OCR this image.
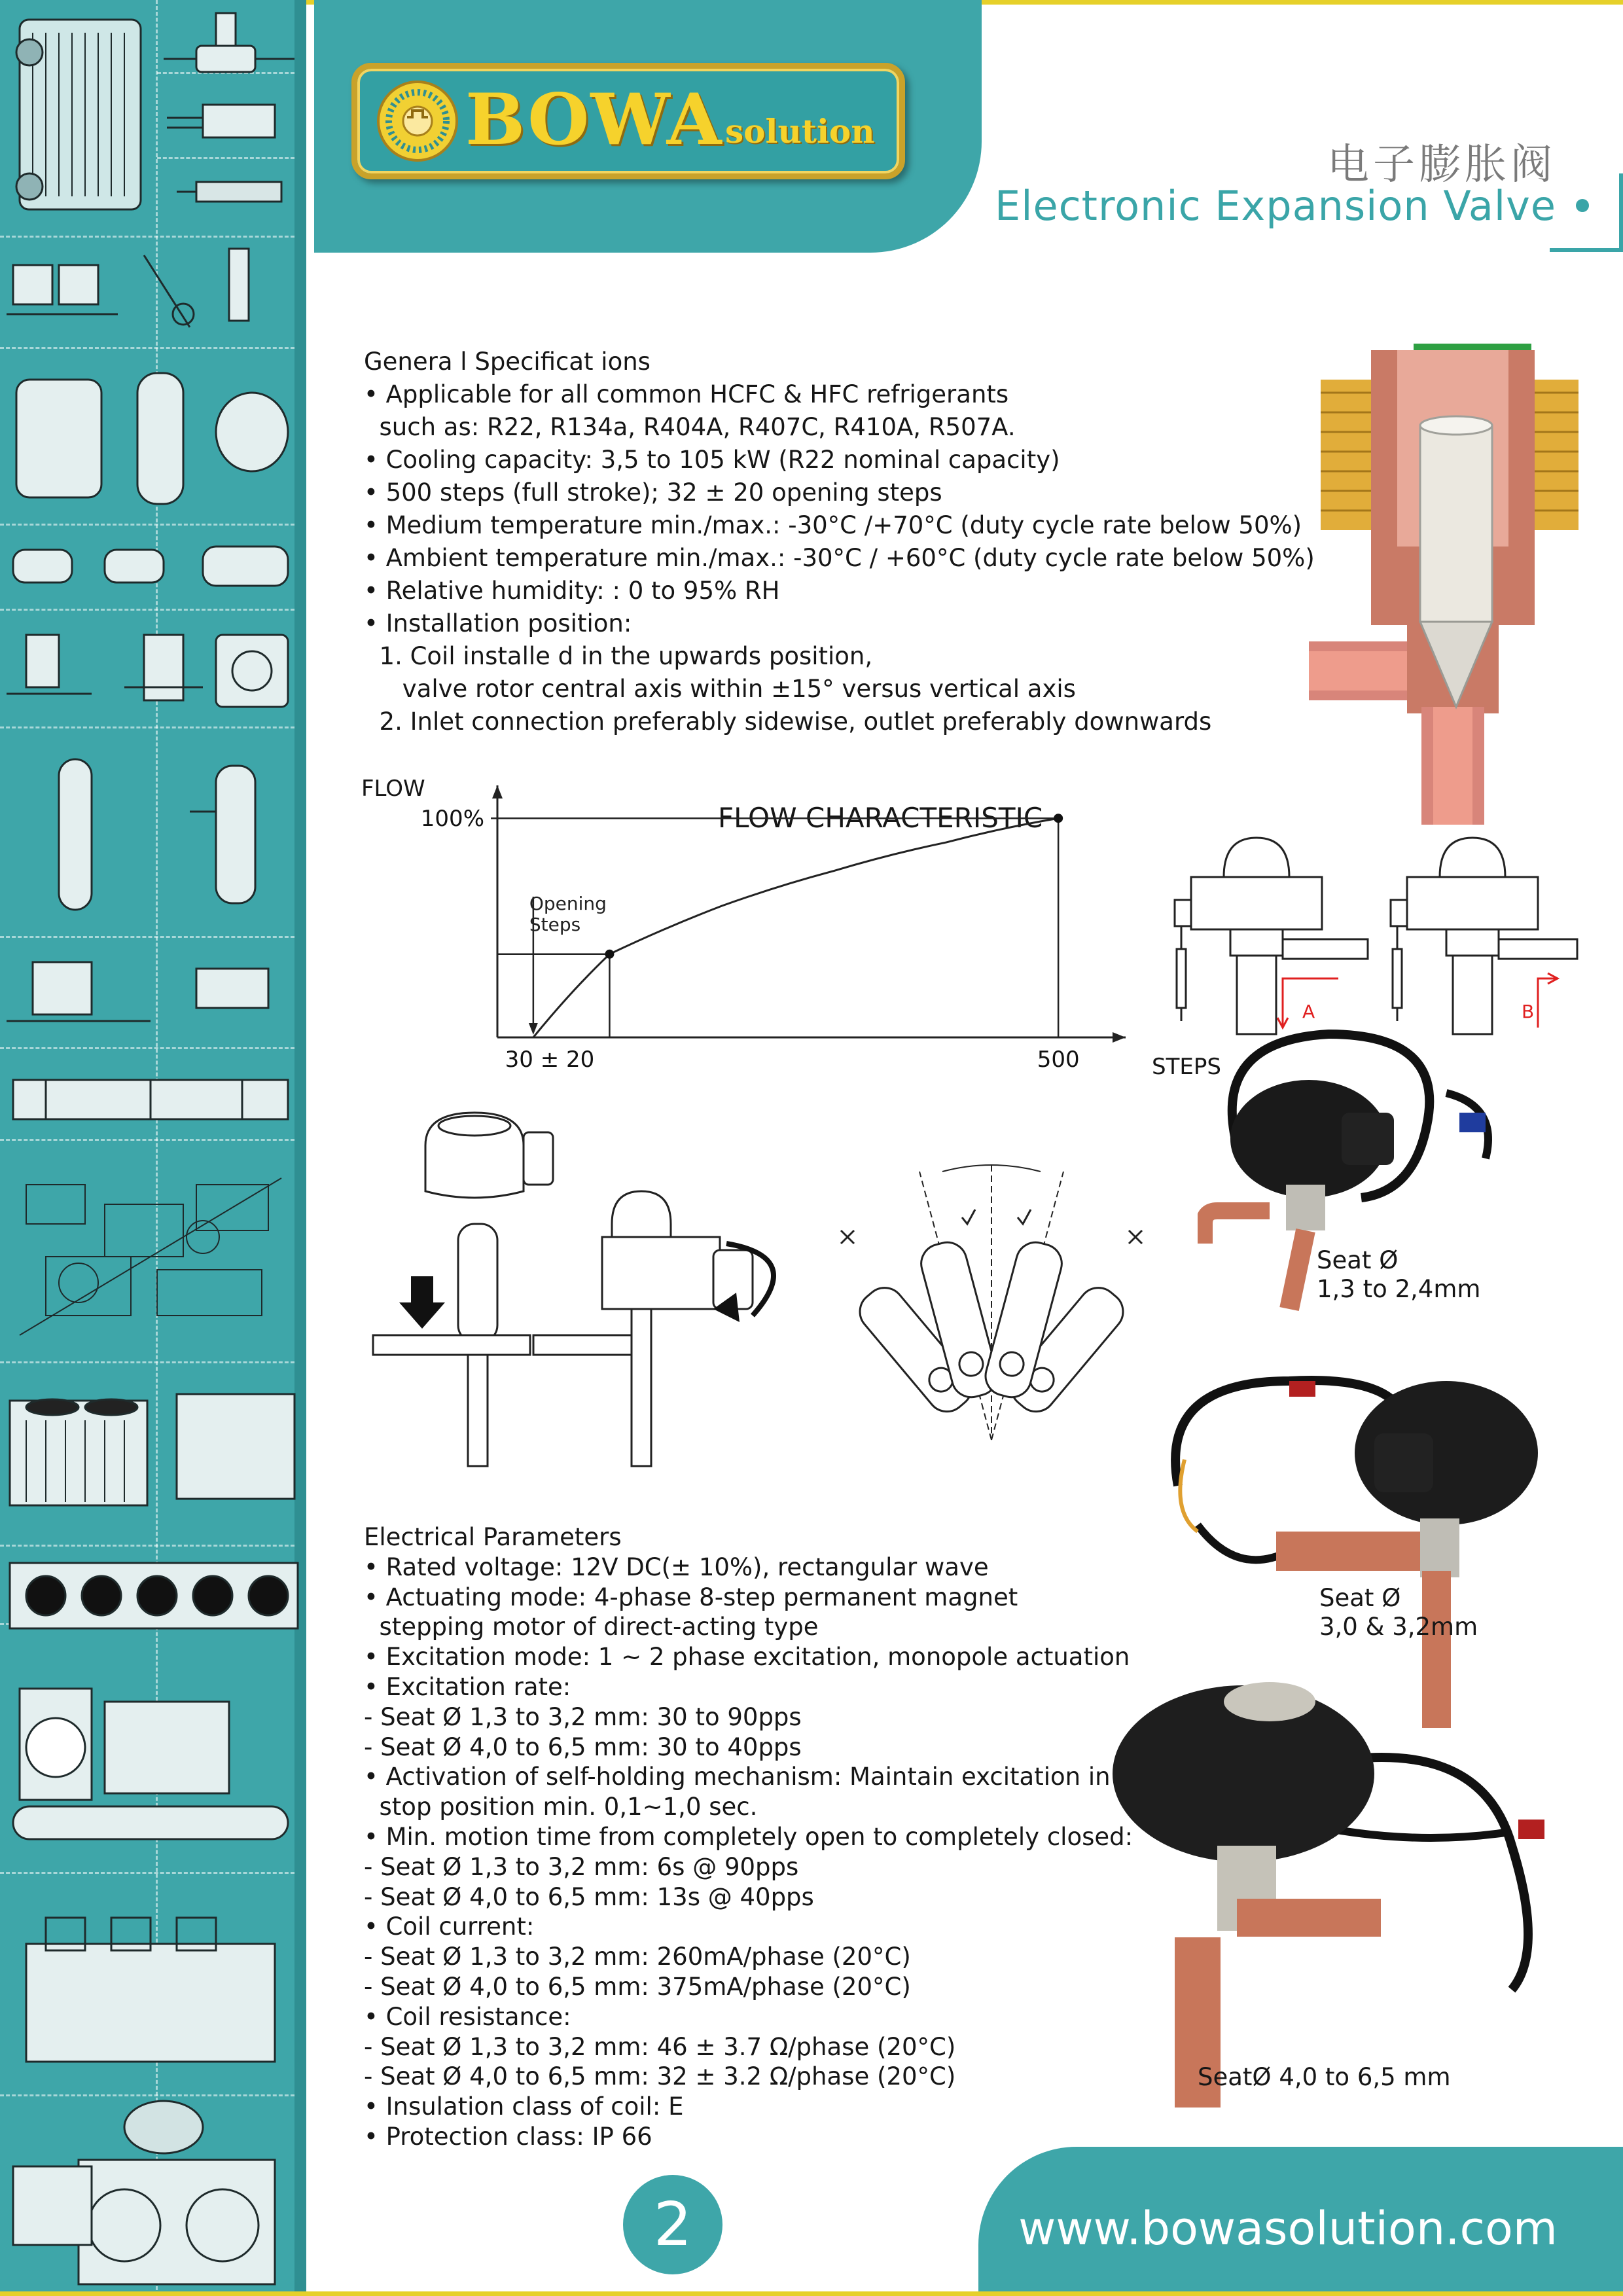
BOWA solution
电子膨胀阀
Electronic Expansion Valve
Genera l Specificat ions
• Applicable for all common HCFC & HFC refrigerants
such as: R22, R134a, R404A, R407C, R410A, R507A.
• Cooling capacity: 3,5 to 105 kW (R22 nominal capacity)
• 500 steps (full stroke); 32 ± 20 opening steps
• Medium temperature min./max.: -30°C /+70°C (duty cycle rate below 50%)
• Ambient temperature min./max.: -30°C / +60°C (duty cycle rate below 50%)
• Relative humidity: : 0 to 95% RH
• Installation position:
1. Coil installe d in the upwards position,
valve rotor central axis within ±15° versus vertical axis
2. Inlet connection preferably sidewise, outlet preferably downwards
FLOW
FLOW CHARACTERISTIC
STEPS
Opening
Steps
30 ± 20	500
100%
A	B
Seat Ø
1,3 to 2,4mm
Seat Ø
3,0 & 3,2mm
SeatØ 4,0 to 6,5 mm
Electrical Parameters
• Rated voltage: 12V DC(± 10%), rectangular wave
• Actuating mode: 4-phase 8-step permanent magnet
stepping motor of direct-acting type
• Excitation mode: 1 ~ 2 phase excitation, monopole actuation
• Excitation rate:
- Seat Ø 1,3 to 3,2 mm: 30 to 90pps
- Seat Ø 4,0 to 6,5 mm: 30 to 40pps
• Activation of self-holding mechanism: Maintain excitation in
stop position min. 0,1~1,0 sec.
• Min. motion time from completely open to completely closed:
- Seat Ø 1,3 to 3,2 mm: 6s @ 90pps
- Seat Ø 4,0 to 6,5 mm: 13s @ 40pps
• Coil current:
- Seat Ø 1,3 to 3,2 mm: 260mA/phase (20°C)
- Seat Ø 4,0 to 6,5 mm: 375mA/phase (20°C)
• Coil resistance:
- Seat Ø 1,3 to 3,2 mm: 46 ± 3.7 Ω/phase (20°C)
- Seat Ø 4,0 to 6,5 mm: 32 ± 3.2 Ω/phase (20°C)
• Insulation class of coil: E
• Protection class: IP 66
2	www.bowasolution.com
